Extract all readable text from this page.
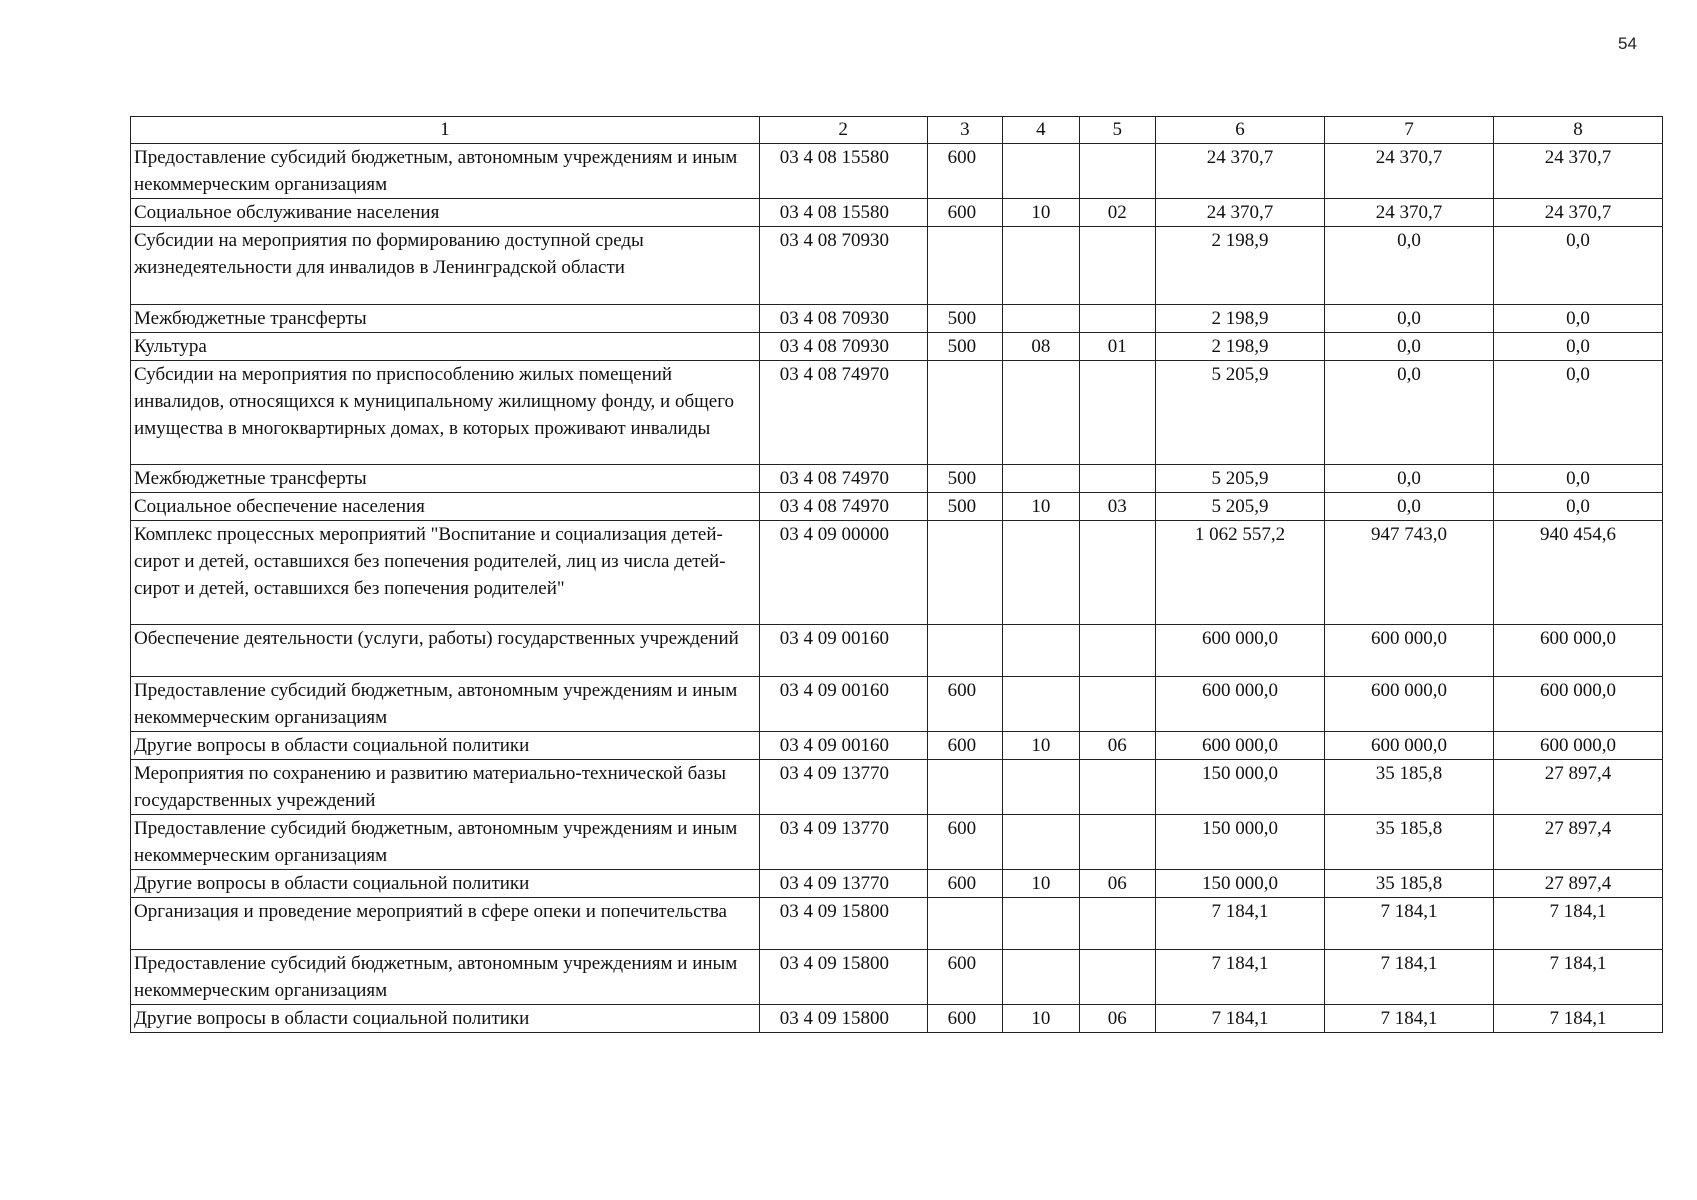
54
1	2	3	4	5	6	7	8
Предоставление субсидий бюджетным, автономным учреждениям и иным некоммерческим организациям	03 4 08 15580	600			24 370,7	24 370,7	24 370,7
Социальное обслуживание населения	03 4 08 15580	600	10	02	24 370,7	24 370,7	24 370,7
Субсидии на мероприятия по формированию доступной среды жизнедеятельности для инвалидов в Ленинградской области	03 4 08 70930				2 198,9	0,0	0,0
Межбюджетные трансферты	03 4 08 70930	500			2 198,9	0,0	0,0
Культура	03 4 08 70930	500	08	01	2 198,9	0,0	0,0
Субсидии на мероприятия по приспособлению жилых помещений инвалидов, относящихся к муниципальному жилищному фонду, и общего имущества в многоквартирных домах, в которых проживают инвалиды	03 4 08 74970				5 205,9	0,0	0,0
Межбюджетные трансферты	03 4 08 74970	500			5 205,9	0,0	0,0
Социальное обеспечение населения	03 4 08 74970	500	10	03	5 205,9	0,0	0,0
Комплекс процессных мероприятий "Воспитание и социализация детей-сирот и детей, оставшихся без попечения родителей, лиц из числа детей-сирот и детей, оставшихся без попечения родителей"	03 4 09 00000				1 062 557,2	947 743,0	940 454,6
Обеспечение деятельности (услуги, работы) государственных учреждений	03 4 09 00160				600 000,0	600 000,0	600 000,0
Предоставление субсидий бюджетным, автономным учреждениям и иным некоммерческим организациям	03 4 09 00160	600			600 000,0	600 000,0	600 000,0
Другие вопросы в области социальной политики	03 4 09 00160	600	10	06	600 000,0	600 000,0	600 000,0
Мероприятия по сохранению и развитию материально-технической базы государственных учреждений	03 4 09 13770				150 000,0	35 185,8	27 897,4
Предоставление субсидий бюджетным, автономным учреждениям и иным некоммерческим организациям	03 4 09 13770	600			150 000,0	35 185,8	27 897,4
Другие вопросы в области социальной политики	03 4 09 13770	600	10	06	150 000,0	35 185,8	27 897,4
Организация и проведение мероприятий в сфере опеки и попечительства	03 4 09 15800				7 184,1	7 184,1	7 184,1
Предоставление субсидий бюджетным, автономным учреждениям и иным некоммерческим организациям	03 4 09 15800	600			7 184,1	7 184,1	7 184,1
Другие вопросы в области социальной политики	03 4 09 15800	600	10	06	7 184,1	7 184,1	7 184,1
